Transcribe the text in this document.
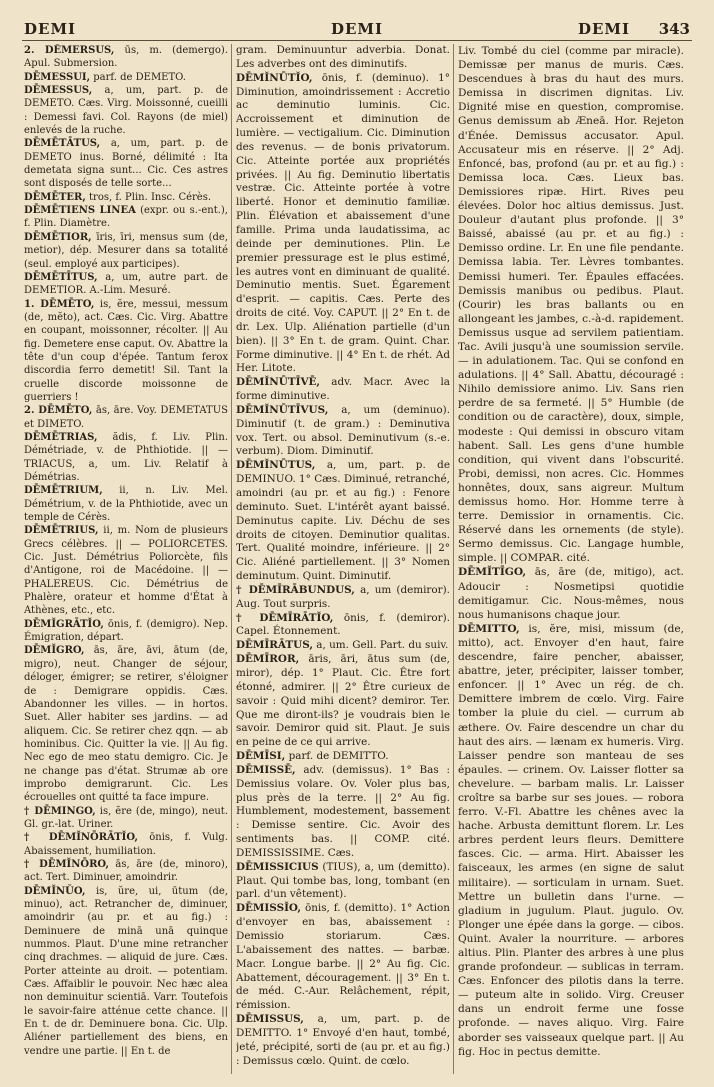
DEMI	DEMI	DEMI 343

2. DĒMERSUS, ūs, m. (demergo). Apul. Submersion.

DĒMESSUI, parf. de DEMETO.

DĒMESSUS, a, um, part. p. de DEMETO. Cæs. Virg. Moissonné, cueilli : Demessi favi. Col. Rayons (de miel) enlevés de la ruche.

DĒMĒTĀTUS, a, um, part. p. de DEMETO inus. Borné, délimité : Ita demetata signa sunt... Cic. Ces astres sont disposés de telle sorte...

DĒMĒTER, tros, f. Plin. Insc. Cérès.

DĒMĒTIENS LINEA (expr. ou s.-ent.), f. Plin. Diamètre.

DĒMĒTIOR, īris, īri, mensus sum (de, metior), dép. Mesurer dans sa totalité (seul. employé aux participes).

DĒMĒTĪTUS, a, um, autre part. de DEMETIOR. A.-Lim. Mesuré.

1. DĒMĒTO, is, ĕre, messui, messum (de, mĕto), act. Cæs. Cic. Virg. Abattre en coupant, moissonner, récolter. || Au fig. Demetere ense caput. Ov. Abattre la tête d'un coup d'épée. Tantum ferox discordia ferro demetit! Sil. Tant la cruelle discorde moissonne de guerriers !

2. DĒMĒTO, ās, āre. Voy. DEMETATUS et DIMETO.

DĒMĒTRIAS, ădis, f. Liv. Plin. Démétriade, v. de Phthiotide. || — TRIACUS, a, um. Liv. Relatif à Démétrias.

DĒMĒTRIUM, ii, n. Liv. Mel. Démétrium, v. de la Phthiotide, avec un temple de Cérès.

DĒMĒTRIUS, ii, m. Nom de plusieurs Grecs célèbres. || — POLIORCETES. Cic. Just. Démétrius Poliorcète, fils d'Antigone, roi de Macédoine. || — PHALEREUS. Cic. Démétrius de Phalère, orateur et homme d'État à Athènes, etc., etc.

DĒMĬGRĀTĬO, ōnis, f. (demigro). Nep. Émigration, départ.

DĒMĬGRO, ās, āre, āvi, ātum (de, migro), neut. Changer de séjour, déloger, émigrer; se retirer, s'éloigner de : Demigrare oppidis. Cæs. Abandonner les villes. — in hortos. Suet. Aller habiter ses jardins. — ad aliquem. Cic. Se retirer chez qqn. — ab hominibus. Cic. Quitter la vie. || Au fig. Nec ego de meo statu demigro. Cic. Je ne change pas d'état. Strumæ ab ore improbo demigrarunt. Cic. Les écrouelles ont quitté ta face impure.

† DĒMINGO, is, ĕre (de, mingo), neut. Gl. gr.-lat. Uriner.

† DĒMĬNŌRĀTĬO, ōnis, f. Vulg. Abaissement, humiliation.

† DĒMĬNŌRO, ās, āre (de, minoro), act. Tert. Diminuer, amoindrir.

DĒMĬNŬO, is, ŭre, ui, ūtum (de, minuo), act. Retrancher de, diminuer, amoindrir (au pr. et au fig.) : Deminuere de minā unā quinque nummos. Plaut. D'une mine retrancher cinq drachmes. — aliquid de jure. Cæs. Porter atteinte au droit. — potentiam. Cæs. Affaiblir le pouvoir. Nec hæc alea non deminuitur scientiā. Varr. Toutefois le savoir-faire atténue cette chance. || En t. de dr. Deminuere bona. Cic. Ulp. Aliéner partiellement des biens, en vendre une partie. || En t. de

gram. Deminuuntur adverbia. Donat. Les adverbes ont des diminutifs.

DĒMĬNŪTĬO, ōnis, f. (deminuo). 1° Diminution, amoindrissement : Accretio ac deminutio luminis. Cic. Accroissement et diminution de lumière. — vectigalium. Cic. Diminution des revenus. — de bonis privatorum. Cic. Atteinte portée aux propriétés privées. || Au fig. Deminutio libertatis vestræ. Cic. Atteinte portée à votre liberté. Honor et deminutio familiæ. Plin. Élévation et abaissement d'une famille. Prima unda laudatissima, ac deinde per deminutiones. Plin. Le premier pressurage est le plus estimé, les autres vont en diminuant de qualité. Deminutio mentis. Suet. Égarement d'esprit. — capitis. Cæs. Perte des droits de cité. Voy. CAPUT. || 2° En t. de dr. Lex. Ulp. Aliénation partielle (d'un bien). || 3° En t. de gram. Quint. Char. Forme diminutive. || 4° En t. de rhét. Ad Her. Litote.

DĒMĬNŪTĪVĒ, adv. Macr. Avec la forme diminutive.

DĒMĬNŪTĪVUS, a, um (deminuo). Diminutif (t. de gram.) : Deminutiva vox. Tert. ou absol. Deminutivum (s.-e. verbum). Diom. Diminutif.

DĒMĬNŪTUS, a, um, part. p. de DEMINUO. 1° Cæs. Diminué, retranché, amoindri (au pr. et au fig.) : Fenore deminuto. Suet. L'intérêt ayant baissé. Deminutus capite. Liv. Déchu de ses droits de citoyen. Deminutior qualitas. Tert. Qualité moindre, inférieure. || 2° Cic. Aliéné partiellement. || 3° Nomen deminutum. Quint. Diminutif.

† DĒMĪRĀBUNDUS, a, um (demiror). Aug. Tout surpris.

† DĒMĪRĀTĬO, ōnis, f. (demiror). Capel. Étonnement.

DĒMĪRĀTUS, a, um. Gell. Part. du suiv.

DĒMĪROR, āris, āri, ātus sum (de, miror), dép. 1° Plaut. Cic. Être fort étonné, admirer. || 2° Être curieux de savoir : Quid mihi dicent? demiror. Ter. Que me diront-ils? je voudrais bien le savoir. Demiror quid sit. Plaut. Je suis en peine de ce qui arrive.

DĒMĪSI, parf. de DEMITTO.

DĒMISSĒ, adv. (demissus). 1° Bas : Demissius volare. Ov. Voler plus bas, plus près de la terre. || 2° Au fig. Humblement, modestement, bassement : Demisse sentire. Cic. Avoir des sentiments bas. || COMP. cité. DEMISSISSIME. Cæs.

DĒMISSICIUS (TIUS), a, um (demitto). Plaut. Qui tombe bas, long, tombant (en parl. d'un vêtement).

DĒMISSĬO, ōnis, f. (demitto). 1° Action d'envoyer en bas, abaissement : Demissio storiarum. Cæs. L'abaissement des nattes. — barbæ. Macr. Longue barbe. || 2° Au fig. Cic. Abattement, découragement. || 3° En t. de méd. C.-Aur. Relâchement, répit, rémission.

DĒMISSUS, a, um, part. p. de DEMITTO. 1° Envoyé d'en haut, tombé, jeté, précipité, sorti de (au pr. et au fig.) : Demissus cœlo. Quint. de cœlo.

Liv. Tombé du ciel (comme par miracle). Demissæ per manus de muris. Cæs. Descendues à bras du haut des murs. Demissa in discrimen dignitas. Liv. Dignité mise en question, compromise. Genus demissum ab Æneā. Hor. Rejeton d'Énée. Demissus accusator. Apul. Accusateur mis en réserve. || 2° Adj. Enfoncé, bas, profond (au pr. et au fig.) : Demissa loca. Cæs. Lieux bas. Demissiores ripæ. Hirt. Rives peu élevées. Dolor hoc altius demissus. Just. Douleur d'autant plus profonde. || 3° Baissé, abaissé (au pr. et au fig.) : Demisso ordine. Lr. En une file pendante. Demissa labia. Ter. Lèvres tombantes. Demissi humeri. Ter. Épaules effacées. Demissis manibus ou pedibus. Plaut. (Courir) les bras ballants ou en allongeant les jambes, c.-à-d. rapidement. Demissus usque ad servilem patientiam. Tac. Avili jusqu'à une soumission servile. — in adulationem. Tac. Qui se confond en adulations. || 4° Sall. Abattu, découragé : Nihilo demissiore animo. Liv. Sans rien perdre de sa fermeté. || 5° Humble (de condition ou de caractère), doux, simple, modeste : Qui demissi in obscuro vitam habent. Sall. Les gens d'une humble condition, qui vivent dans l'obscurité. Probi, demissi, non acres. Cic. Hommes honnêtes, doux, sans aigreur. Multum demissus homo. Hor. Homme terre à terre. Demissior in ornamentis. Cic. Réservé dans les ornements (de style). Sermo demissus. Cic. Langage humble, simple. || COMPAR. cité.

DĒMĬTĪGO, ās, āre (de, mitigo), act. Adoucir : Nosmetipsi quotidie demitigamur. Cic. Nous-mêmes, nous nous humanisons chaque jour.

DĒMITTO, is, ĕre, misi, missum (de, mitto), act. Envoyer d'en haut, faire descendre, faire pencher, abaisser, abattre, jeter, précipiter, laisser tomber, enfoncer. || 1° Avec un rég. de ch. Demittere imbrem de cœlo. Virg. Faire tomber la pluie du ciel. — currum ab æthere. Ov. Faire descendre un char du haut des airs. — lænam ex humeris. Virg. Laisser pendre son manteau de ses épaules. — crinem. Ov. Laisser flotter sa chevelure. — barbam malis. Lr. Laisser croître sa barbe sur ses joues. — robora ferro. V.-Fl. Abattre les chênes avec la hache. Arbusta demittunt florem. Lr. Les arbres perdent leurs fleurs. Demittere fasces. Cic. — arma. Hirt. Abaisser les faisceaux, les armes (en signe de salut militaire). — sorticulam in urnam. Suet. Mettre un bulletin dans l'urne. — gladium in jugulum. Plaut. jugulo. Ov. Plonger une épée dans la gorge. — cibos. Quint. Avaler la nourriture. — arbores altius. Plin. Planter des arbres à une plus grande profondeur. — sublicas in terram. Cæs. Enfoncer des pilotis dans la terre. — puteum alte in solido. Virg. Creuser dans un endroit ferme une fosse profonde. — naves aliquo. Virg. Faire aborder ses vaisseaux quelque part. || Au fig. Hoc in pectus demitte.
